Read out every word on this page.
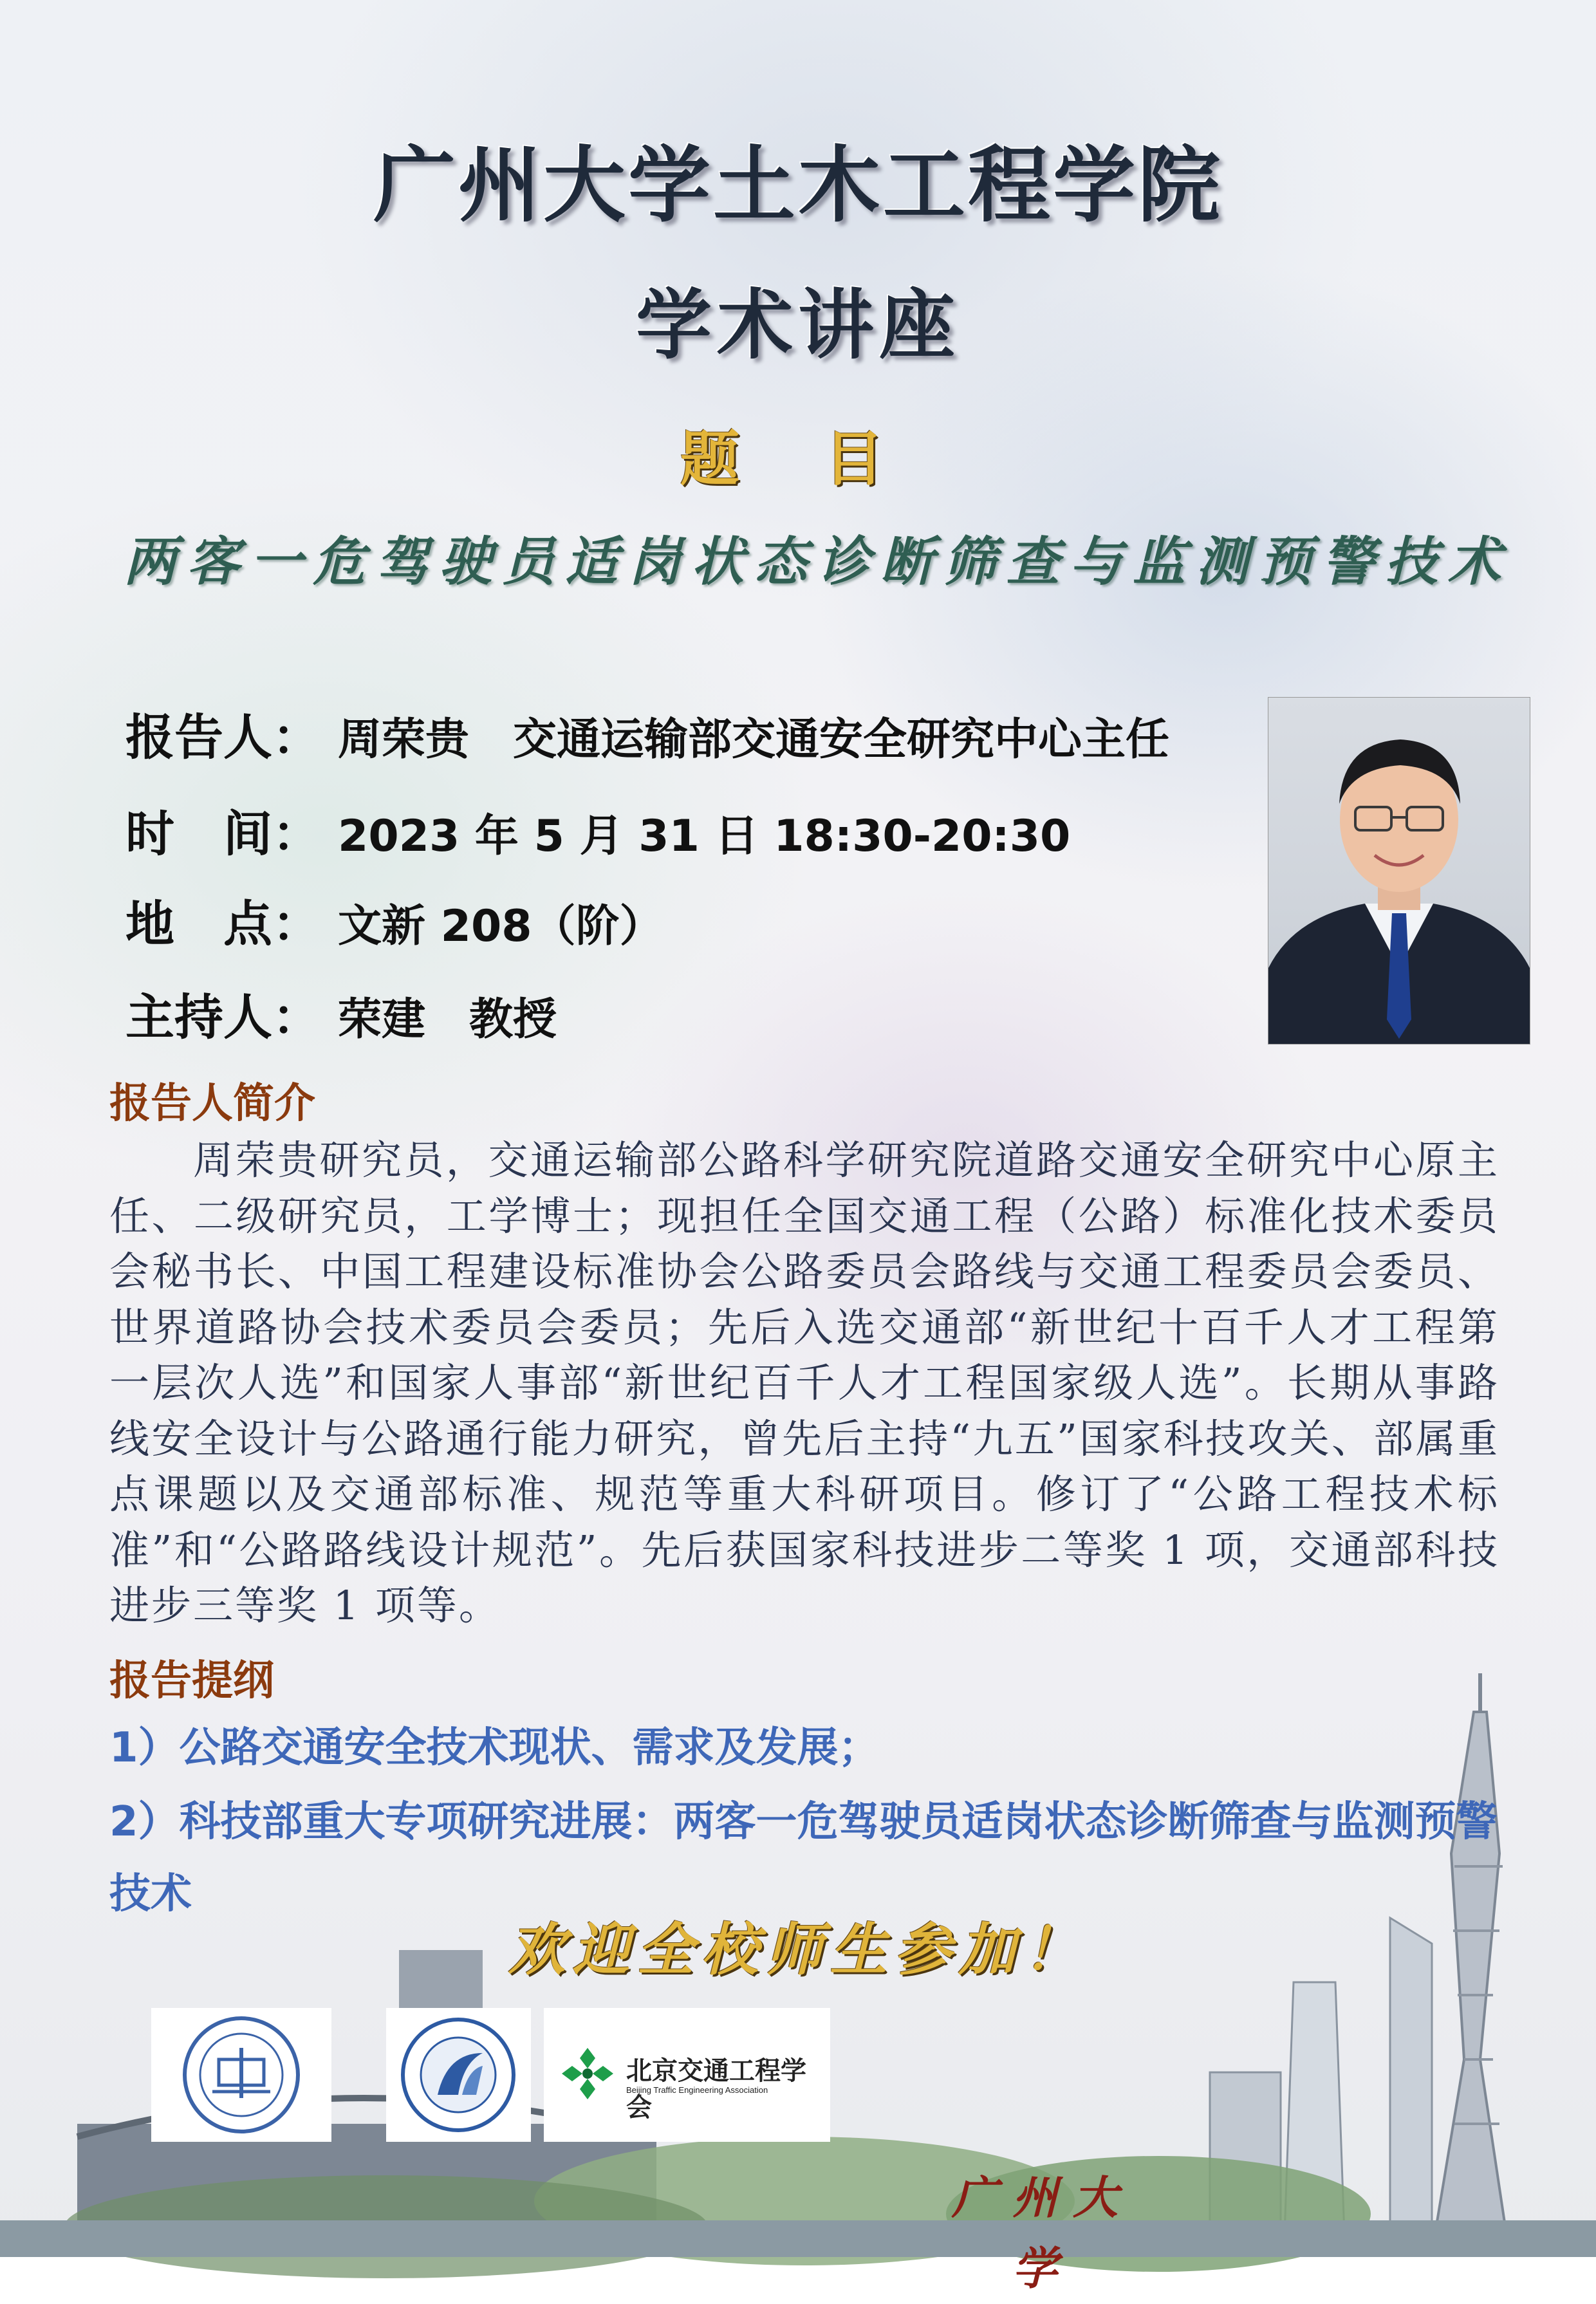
广州大学土木工程学院
学术讲座
题 目
两客一危驾驶员适岗状态诊断筛查与监测预警技术
报告人： 周荣贵　交通运输部交通安全研究中心主任
时　间： 2023 年 5 月 31 日 18:30-20:30
地　点： 文新 208（阶）
主持人： 荣建　教授
报告人简介
周荣贵研究员，交通运输部公路科学研究院道路交通安全研究中心原主任、二级研究员，工学博士；现担任全国交通工程（公路）标准化技术委员会秘书长、中国工程建设标准协会公路委员会路线与交通工程委员会委员、世界道路协会技术委员会委员；先后入选交通部“新世纪十百千人才工程第一层次人选”和国家人事部“新世纪百千人才工程国家级人选”。长期从事路线安全设计与公路通行能力研究，曾先后主持“九五”国家科技攻关、部属重点课题以及交通部标准、规范等重大科研项目。修订了“公路工程技术标准”和“公路路线设计规范”。先后获国家科技进步二等奖 1 项，交通部科技进步三等奖 1 项等。
报告提纲
1）公路交通安全技术现状、需求及发展；
2）科技部重大专项研究进展：两客一危驾驶员适岗状态诊断筛查与监测预警技术
欢迎全校师生参加！
北京交通工程学会
Beijing Traffic Engineering Association
广州大学
